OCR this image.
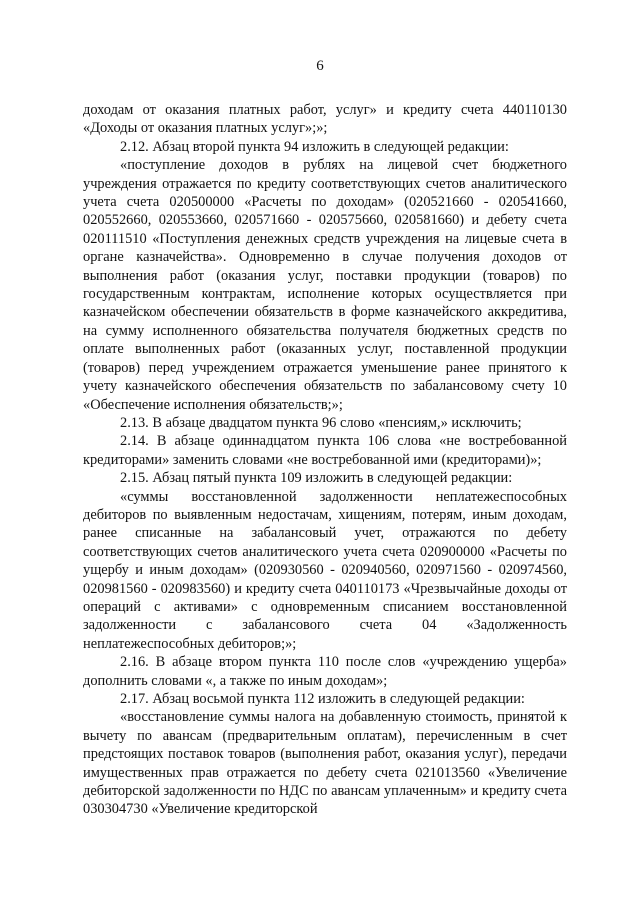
6

доходам от оказания платных работ, услуг» и кредиту счета 440110130 «Доходы от оказания платных услуг»;»;

2.12. Абзац второй пункта 94 изложить в следующей редакции:

«поступление доходов в рублях на лицевой счет бюджетного учреждения отражается по кредиту соответствующих счетов аналитического учета счета 020500000 «Расчеты по доходам» (020521660 - 020541660, 020552660, 020553660, 020571660 - 020575660, 020581660) и дебету счета 020111510 «Поступления денежных средств учреждения на лицевые счета в органе казначейства». Одновременно в случае получения доходов от выполнения работ (оказания услуг, поставки продукции (товаров) по государственным контрактам, исполнение которых осуществляется при казначейском обеспечении обязательств в форме казначейского аккредитива, на сумму исполненного обязательства получателя бюджетных средств по оплате выполненных работ (оказанных услуг, поставленной продукции (товаров) перед учреждением отражается уменьшение ранее принятого к учету казначейского обеспечения обязательств по забалансовому счету 10 «Обеспечение исполнения обязательств;»;

2.13. В абзаце двадцатом пункта 96 слово «пенсиям,» исключить;

2.14. В абзаце одиннадцатом пункта 106 слова «не востребованной кредиторами» заменить словами «не востребованной ими (кредиторами)»;

2.15. Абзац пятый пункта 109 изложить в следующей редакции:

«суммы восстановленной задолженности неплатежеспособных дебиторов по выявленным недостачам, хищениям, потерям, иным доходам, ранее списанные на забалансовый учет, отражаются по дебету соответствующих счетов аналитического учета счета 020900000 «Расчеты по ущербу и иным доходам» (020930560 - 020940560, 020971560 - 020974560, 020981560 - 020983560) и кредиту счета 040110173 «Чрезвычайные доходы от операций с активами» с одновременным списанием восстановленной задолженности с забалансового счета 04 «Задолженность неплатежеспособных дебиторов;»;

2.16. В абзаце втором пункта 110 после слов «учреждению ущерба» дополнить словами «, а также по иным доходам»;

2.17. Абзац восьмой пункта 112 изложить в следующей редакции:

«восстановление суммы налога на добавленную стоимость, принятой к вычету по авансам (предварительным оплатам), перечисленным в счет предстоящих поставок товаров (выполнения работ, оказания услуг), передачи имущественных прав отражается по дебету счета 021013560 «Увеличение дебиторской задолженности по НДС по авансам уплаченным» и кредиту счета 030304730 «Увеличение кредиторской
